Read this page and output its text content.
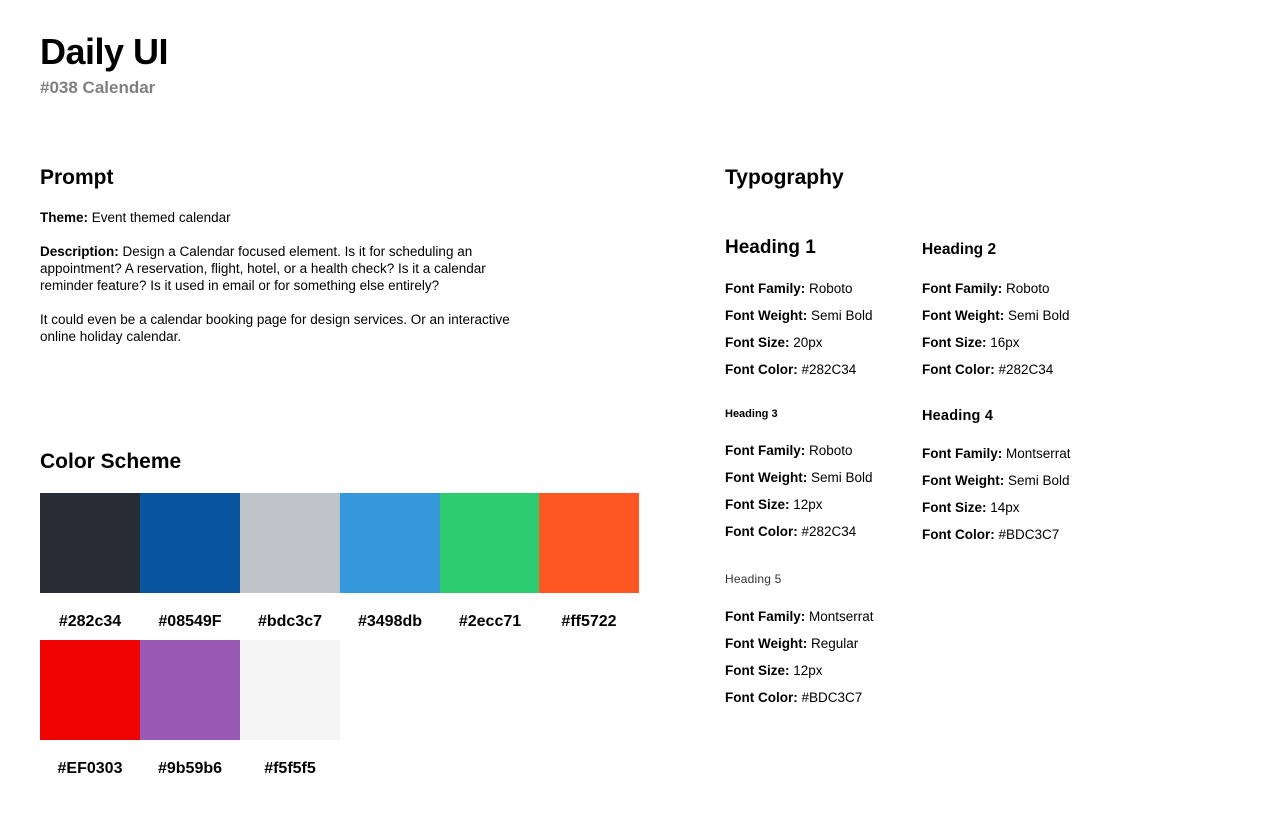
Daily UI
#038 Calendar
Prompt

Theme: Event themed calendar

Description: Design a Calendar focused element. Is it for scheduling an appointment? A reservation, flight, hotel, or a health check? Is it a calendar reminder feature? Is it used in email or for something else entirely?

It could even be a calendar booking page for design services. Or an interactive online holiday calendar.

Color Scheme
#282c34	#08549F	#bdc3c7	#3498db	#2ecc71	#ff5722
#EF0303	#9b59b6	#f5f5f5
Typography
Heading 1
Font Family: Roboto
Font Weight: Semi Bold
Font Size: 20px
Font Color: #282C34
Heading 2
Font Family: Roboto
Font Weight: Semi Bold
Font Size: 16px
Font Color: #282C34
Heading 3
Font Family: Roboto
Font Weight: Semi Bold
Font Size: 12px
Font Color: #282C34
Heading 4
Font Family: Montserrat
Font Weight: Semi Bold
Font Size: 14px
Font Color: #BDC3C7
Heading 5
Font Family: Montserrat
Font Weight: Regular
Font Size: 12px
Font Color: #BDC3C7
